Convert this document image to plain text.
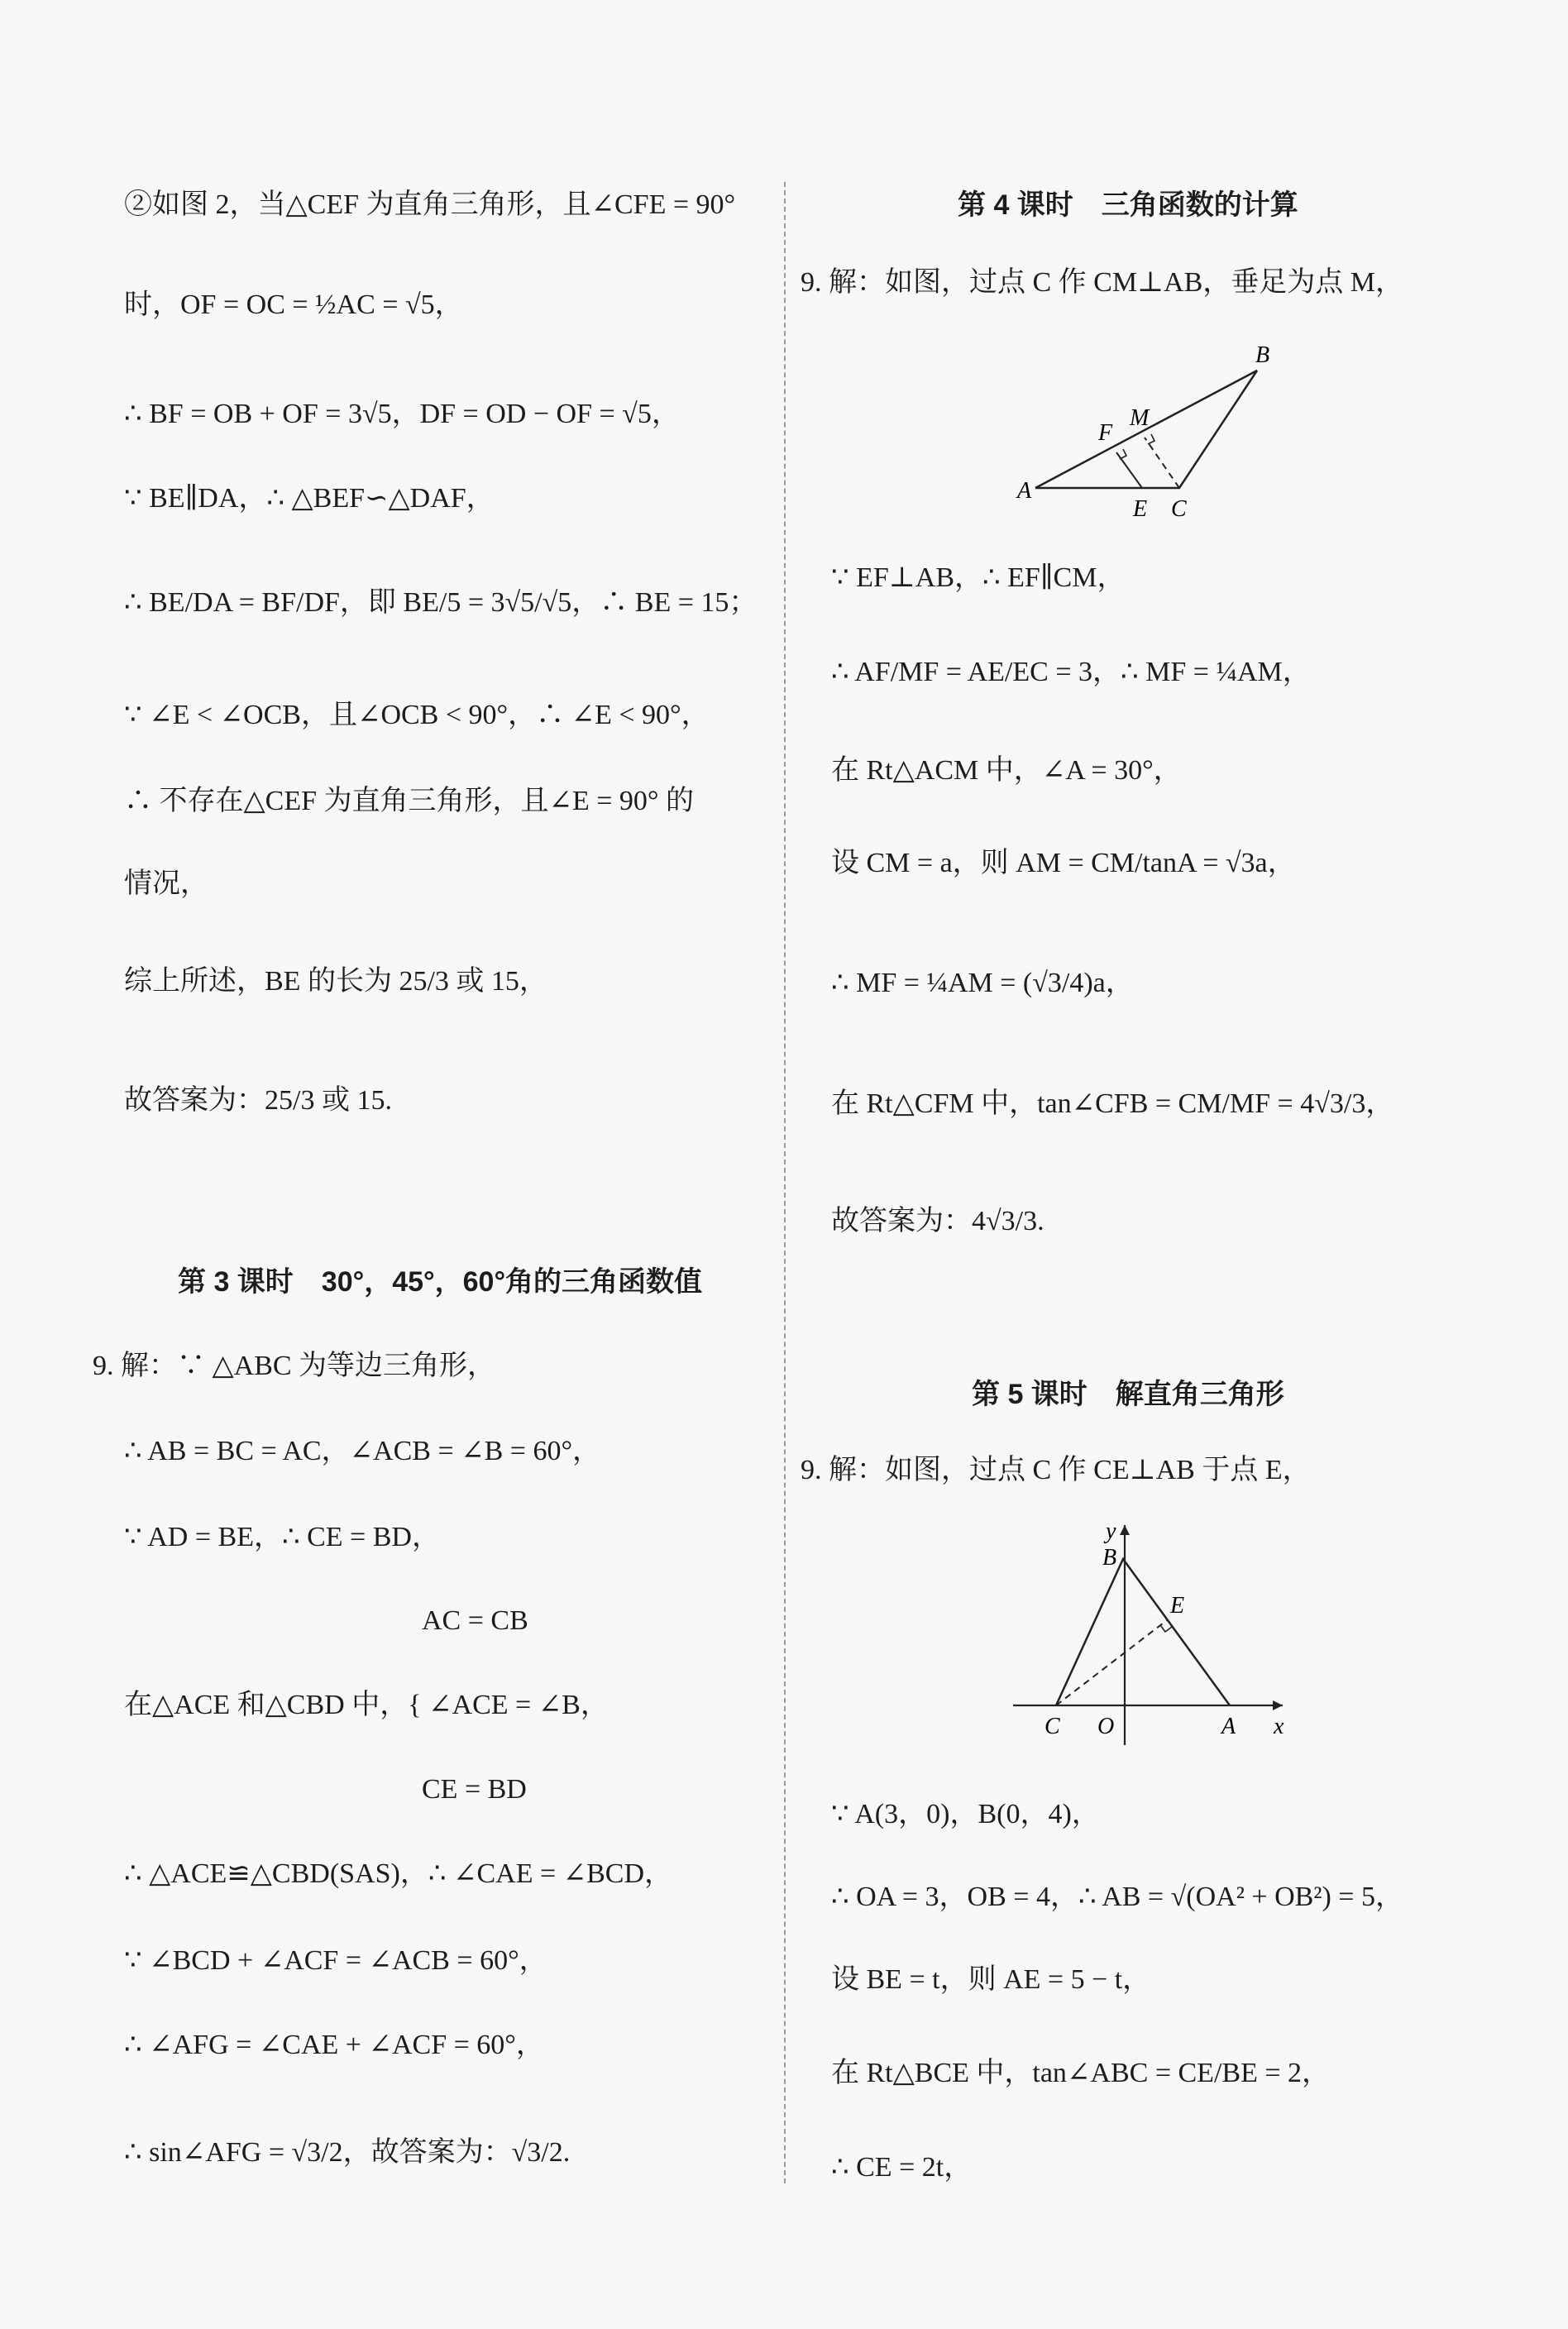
②如图 2，当△CEF 为直角三角形，且∠CFE = 90°
时，OF = OC = ½AC = √5，
∴ BF = OB + OF = 3√5，DF = OD − OF = √5，
∵ BE∥DA，∴ △BEF∽△DAF，
∴ BE/DA = BF/DF，即 BE/5 = 3√5/√5，∴ BE = 15；
∵ ∠E < ∠OCB，且∠OCB < 90°，∴ ∠E < 90°，
∴ 不存在△CEF 为直角三角形，且∠E = 90° 的
情况，
综上所述，BE 的长为 25/3 或 15，
故答案为：25/3 或 15.
第 3 课时　30°，45°，60°角的三角函数值
9. 解：∵ △ABC 为等边三角形，
∴ AB = BC = AC，∠ACB = ∠B = 60°，
∵ AD = BE，∴ CE = BD，
AC = CB
在△ACE 和△CBD 中，{ ∠ACE = ∠B，
CE = BD
∴ △ACE≌△CBD(SAS)，∴ ∠CAE = ∠BCD，
∵ ∠BCD + ∠ACF = ∠ACB = 60°，
∴ ∠AFG = ∠CAE + ∠ACF = 60°，
∴ sin∠AFG = √3/2，故答案为：√3/2.
第 4 课时　三角函数的计算
9. 解：如图，过点 C 作 CM⊥AB，垂足为点 M，
A
B
C
E
F
M
∵ EF⊥AB，∴ EF∥CM，
∴ AF/MF = AE/EC = 3，∴ MF = ¼AM，
在 Rt△ACM 中，∠A = 30°，
设 CM = a，则 AM = CM/tanA = √3a，
∴ MF = ¼AM = (√3/4)a，
在 Rt△CFM 中，tan∠CFB = CM/MF = 4√3/3，
故答案为：4√3/3.
第 5 课时　解直角三角形
9. 解：如图，过点 C 作 CE⊥AB 于点 E，
y
B
E
C O	A x
∵ A(3，0)，B(0，4)，
∴ OA = 3，OB = 4，∴ AB = √(OA² + OB²) = 5，
设 BE = t，则 AE = 5 − t，
在 Rt△BCE 中，tan∠ABC = CE/BE = 2，
∴ CE = 2t，
